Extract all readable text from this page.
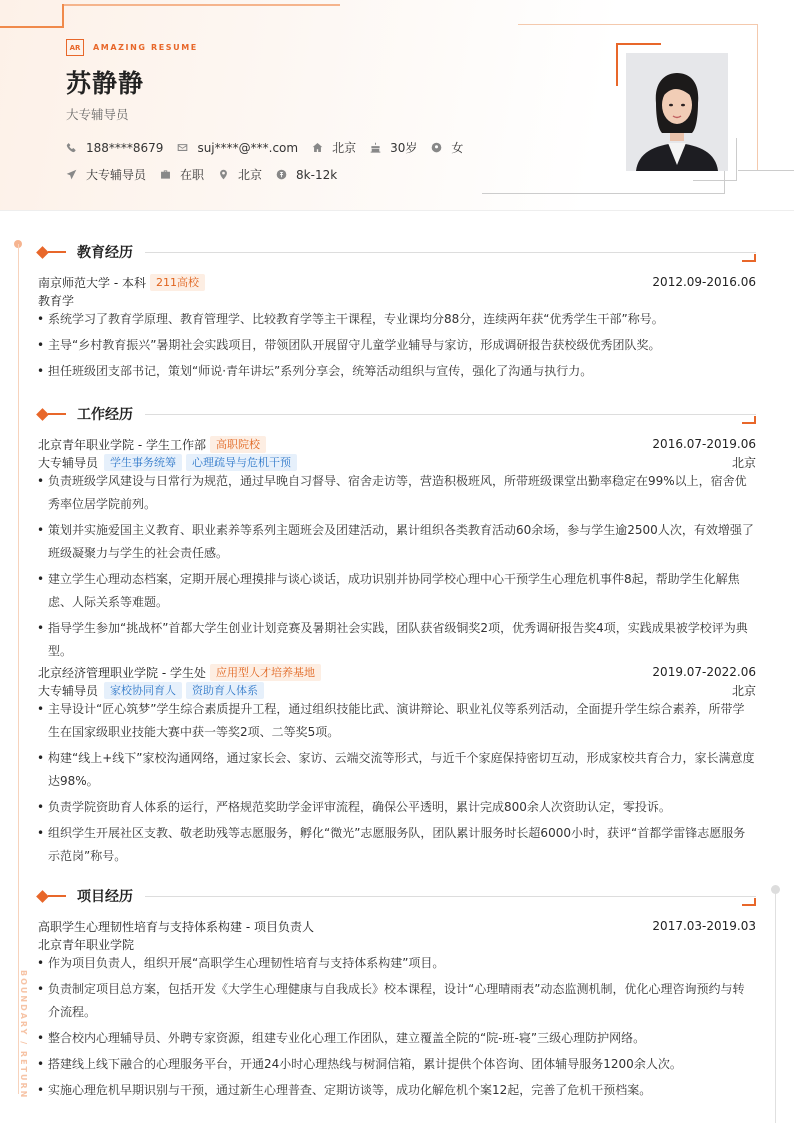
AR	AMAZING RESUME
苏静静
大专辅导员
188****8679	suj****@***.com	北京	30岁	女
大专辅导员	在职	北京	8k-12k
BOUNDARY / RETURN
教育经历
南京师范大学 - 本科 211高校	2012.09-2016.06
教育学
• 系统学习了教育学原理、教育管理学、比较教育学等主干课程，专业课均分88分，连续两年获“优秀学生干部”称号。
• 主导“乡村教育振兴”暑期社会实践项目，带领团队开展留守儿童学业辅导与家访，形成调研报告获校级优秀团队奖。
• 担任班级团支部书记，策划“师说·青年讲坛”系列分享会，统筹活动组织与宣传，强化了沟通与执行力。
工作经历
北京青年职业学院 - 学生工作部 高职院校	2016.07-2019.06
大专辅导员	学生事务统筹	心理疏导与危机干预	北京
• 负责班级学风建设与日常行为规范，通过早晚自习督导、宿舍走访等，营造积极班风，所带班级课堂出勤率稳定在99%以上，宿舍优秀率位居学院前列。
• 策划并实施爱国主义教育、职业素养等系列主题班会及团建活动，累计组织各类教育活动60余场，参与学生逾2500人次，有效增强了班级凝聚力与学生的社会责任感。
• 建立学生心理动态档案，定期开展心理摸排与谈心谈话，成功识别并协同学校心理中心干预学生心理危机事件8起，帮助学生化解焦虑、人际关系等难题。
• 指导学生参加“挑战杯”首都大学生创业计划竞赛及暑期社会实践，团队获省级铜奖2项，优秀调研报告奖4项，实践成果被学校评为典型。
北京经济管理职业学院 - 学生处 应用型人才培养基地	2019.07-2022.06
大专辅导员	家校协同育人	资助育人体系	北京
• 主导设计“匠心筑梦”学生综合素质提升工程，通过组织技能比武、演讲辩论、职业礼仪等系列活动，全面提升学生综合素养，所带学生在国家级职业技能大赛中获一等奖2项、二等奖5项。
• 构建“线上+线下”家校沟通网络，通过家长会、家访、云端交流等形式，与近千个家庭保持密切互动，形成家校共育合力，家长满意度达98%。
• 负责学院资助育人体系的运行，严格规范奖助学金评审流程，确保公平透明，累计完成800余人次资助认定，零投诉。
• 组织学生开展社区支教、敬老助残等志愿服务，孵化“微光”志愿服务队，团队累计服务时长超6000小时，获评“首都学雷锋志愿服务示范岗”称号。
项目经历
高职学生心理韧性培育与支持体系构建 - 项目负责人	2017.03-2019.03
北京青年职业学院
• 作为项目负责人，组织开展“高职学生心理韧性培育与支持体系构建”项目。
• 负责制定项目总方案，包括开发《大学生心理健康与自我成长》校本课程，设计“心理晴雨表”动态监测机制，优化心理咨询预约与转介流程。
• 整合校内心理辅导员、外聘专家资源，组建专业化心理工作团队，建立覆盖全院的“院-班-寝”三级心理防护网络。
• 搭建线上线下融合的心理服务平台，开通24小时心理热线与树洞信箱，累计提供个体咨询、团体辅导服务1200余人次。
• 实施心理危机早期识别与干预，通过新生心理普查、定期访谈等，成功化解危机个案12起，完善了危机干预档案。
